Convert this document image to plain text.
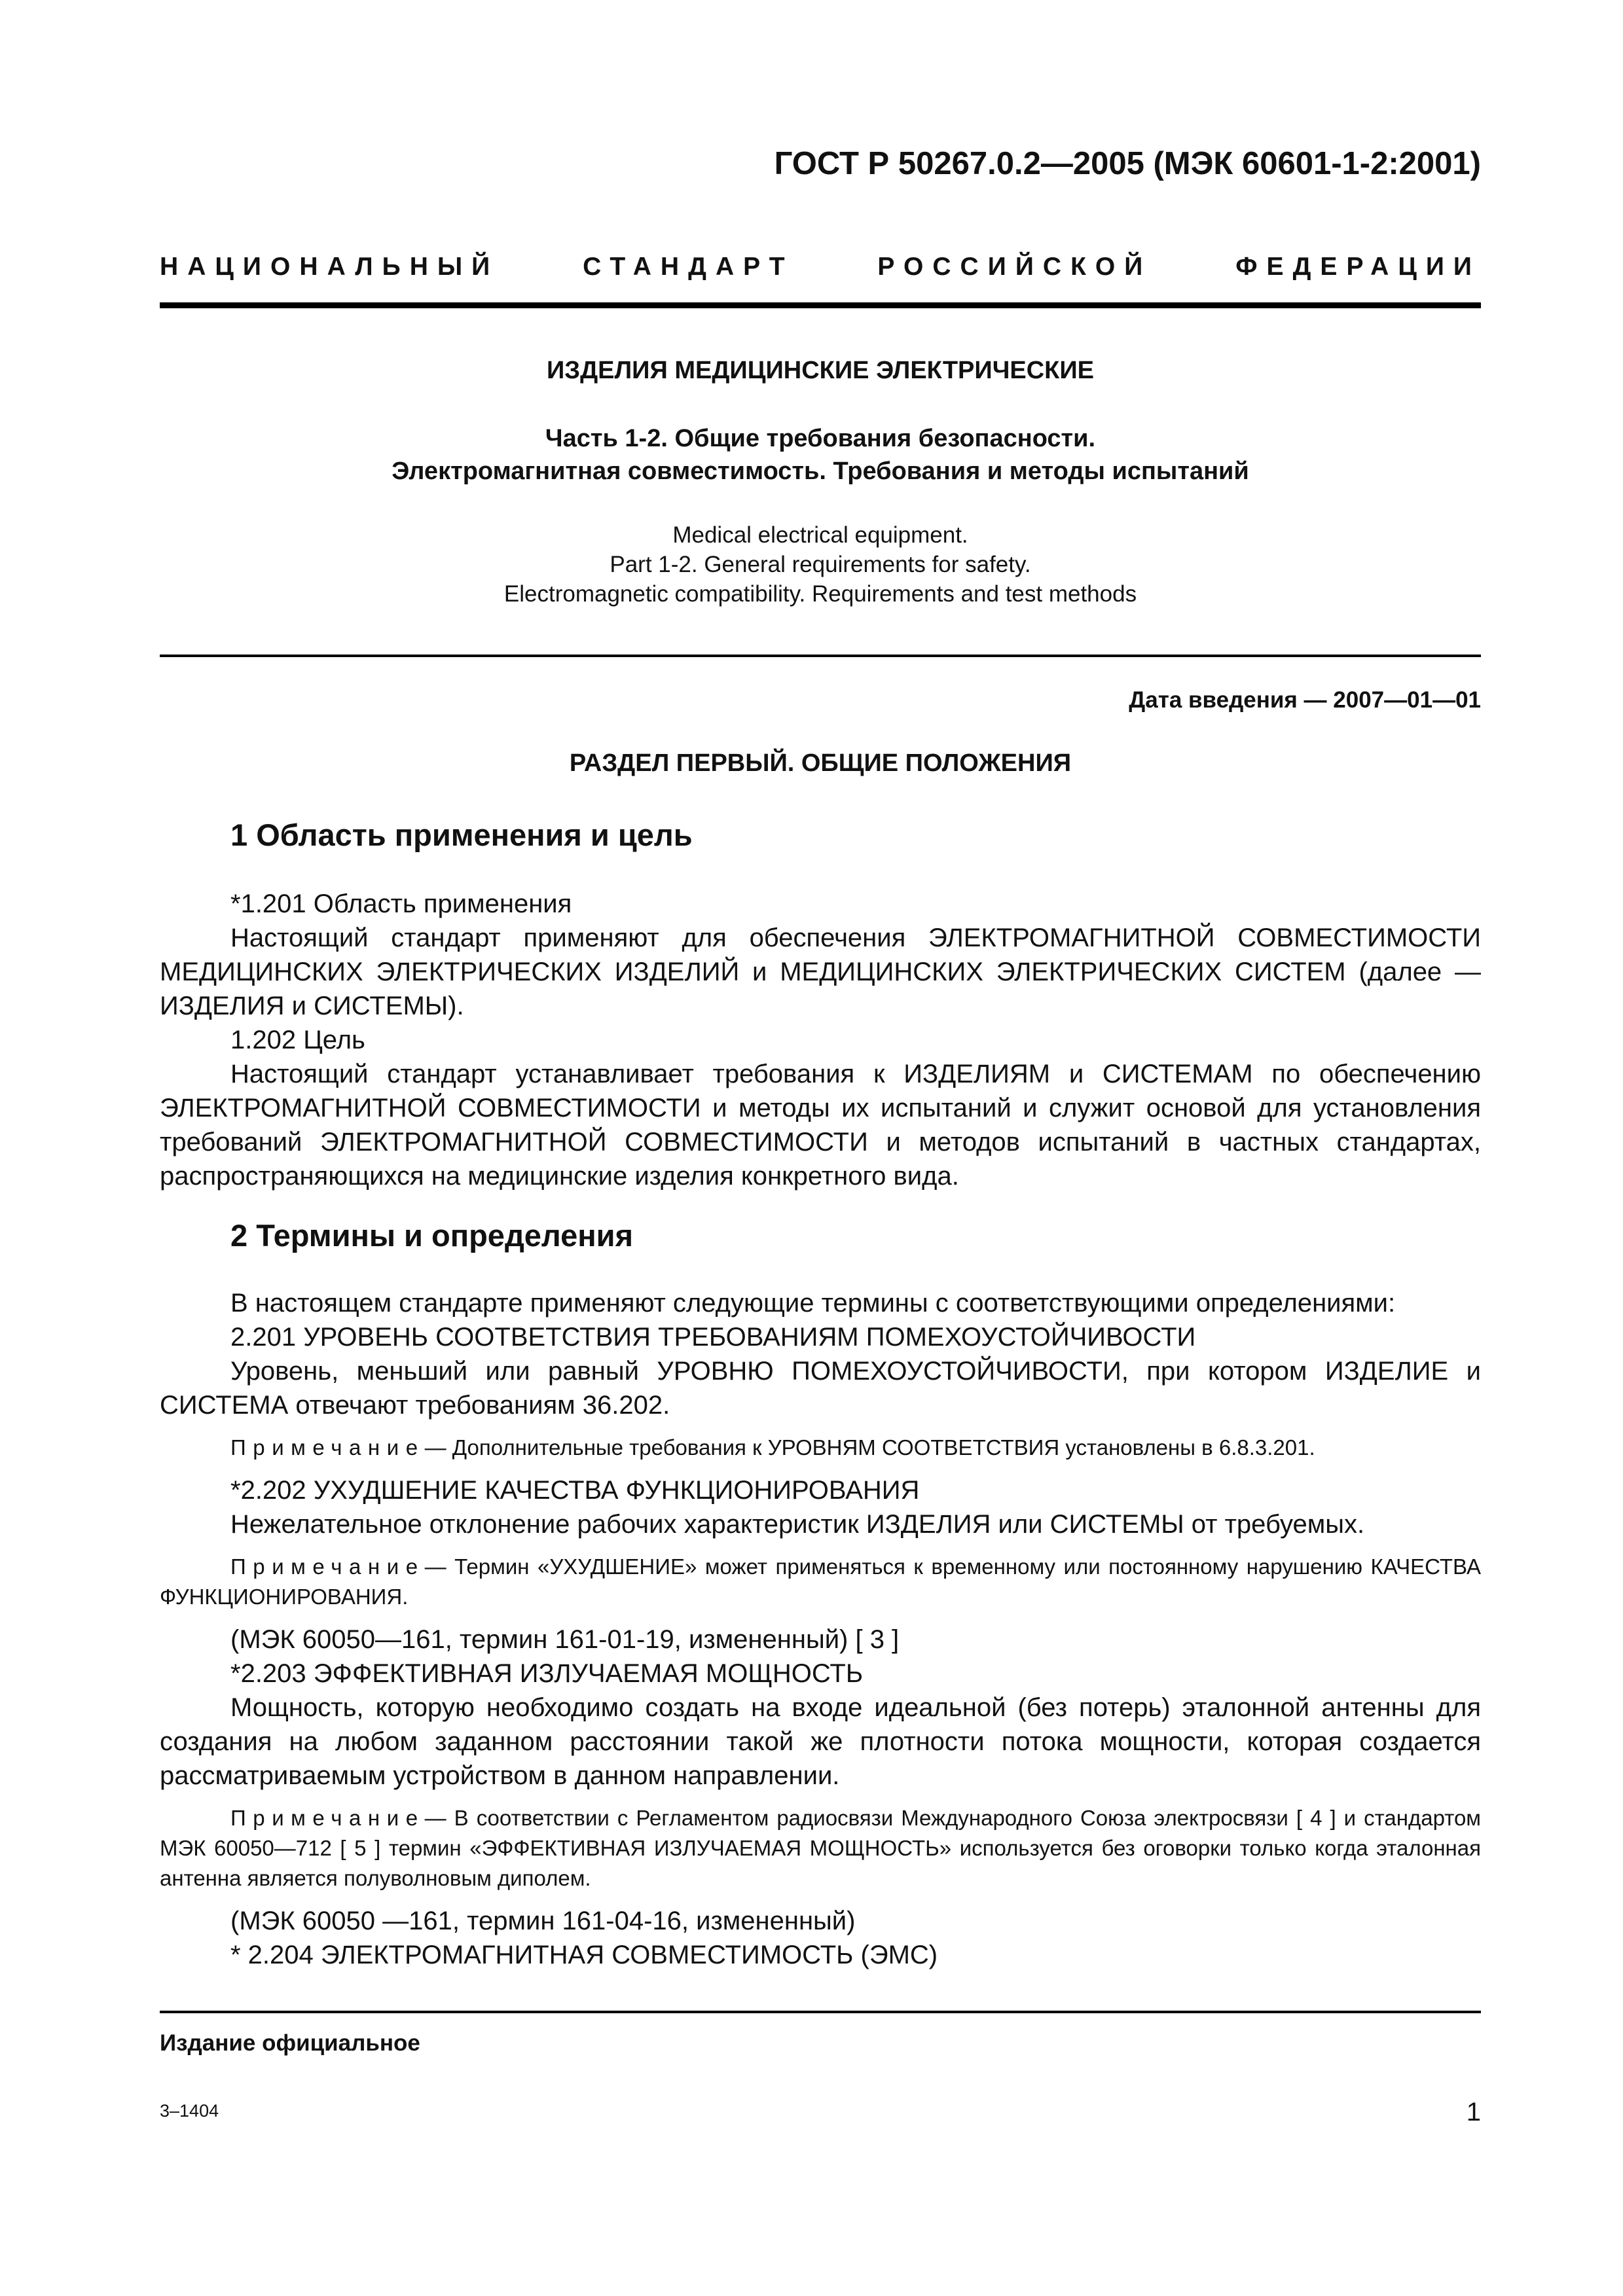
ГОСТ Р 50267.0.2—2005 (МЭК 60601-1-2:2001)
НАЦИОНАЛЬНЫЙ СТАНДАРТ РОССИЙСКОЙ ФЕДЕРАЦИИ
ИЗДЕЛИЯ МЕДИЦИНСКИЕ ЭЛЕКТРИЧЕСКИЕ
Часть 1-2. Общие требования безопасности.
Электромагнитная совместимость. Требования и методы испытаний
Medical electrical equipment.
Part 1-2. General requirements for safety.
Electromagnetic compatibility. Requirements and test methods
Дата введения — 2007—01—01
РАЗДЕЛ ПЕРВЫЙ. ОБЩИЕ ПОЛОЖЕНИЯ
1 Область применения и цель

*1.201 Область применения

Настоящий стандарт применяют для обеспечения ЭЛЕКТРОМАГНИТНОЙ СОВМЕСТИМОСТИ МЕДИЦИНСКИХ ЭЛЕКТРИЧЕСКИХ ИЗДЕЛИЙ и МЕДИЦИНСКИХ ЭЛЕКТРИЧЕСКИХ СИСТЕМ (далее — ИЗДЕЛИЯ и СИСТЕМЫ).

1.202 Цель

Настоящий стандарт устанавливает требования к ИЗДЕЛИЯМ и СИСТЕМАМ по обеспечению ЭЛЕКТРОМАГНИТНОЙ СОВМЕСТИМОСТИ и методы их испытаний и служит основой для установления требований ЭЛЕКТРОМАГНИТНОЙ СОВМЕСТИМОСТИ и методов испытаний в частных стандартах, распространяющихся на медицинские изделия конкретного вида.

2 Термины и определения

В настоящем стандарте применяют следующие термины с соответствующими определениями:

2.201 УРОВЕНЬ СООТВЕТСТВИЯ ТРЕБОВАНИЯМ ПОМЕХОУСТОЙЧИВОСТИ

Уровень, меньший или равный УРОВНЮ ПОМЕХОУСТОЙЧИВОСТИ, при котором ИЗДЕЛИЕ и СИСТЕМА отвечают требованиям 36.202.

Примечание— Дополнительные требования к УРОВНЯМ СООТВЕТСТВИЯ установлены в 6.8.3.201.

*2.202 УХУДШЕНИЕ КАЧЕСТВА ФУНКЦИОНИРОВАНИЯ

Нежелательное отклонение рабочих характеристик ИЗДЕЛИЯ или СИСТЕМЫ от требуемых.

Примечание— Термин «УХУДШЕНИЕ» может применяться к временному или постоянному нарушению КАЧЕСТВА ФУНКЦИОНИРОВАНИЯ.

(МЭК 60050—161, термин 161-01-19, измененный) [ 3 ]

*2.203 ЭФФЕКТИВНАЯ ИЗЛУЧАЕМАЯ МОЩНОСТЬ

Мощность, которую необходимо создать на входе идеальной (без потерь) эталонной антенны для создания на любом заданном расстоянии такой же плотности потока мощности, которая создается рассматриваемым устройством в данном направлении.

Примечание— В соответствии с Регламентом радиосвязи Международного Союза электросвязи [ 4 ] и стандартом МЭК 60050—712 [ 5 ] термин «ЭФФЕКТИВНАЯ ИЗЛУЧАЕМАЯ МОЩНОСТЬ» используется без оговорки только когда эталонная антенна является полуволновым диполем.

(МЭК 60050 —161, термин 161-04-16, измененный)

* 2.204 ЭЛЕКТРОМАГНИТНАЯ СОВМЕСТИМОСТЬ (ЭМС)

Издание официальное
3–1404	1
